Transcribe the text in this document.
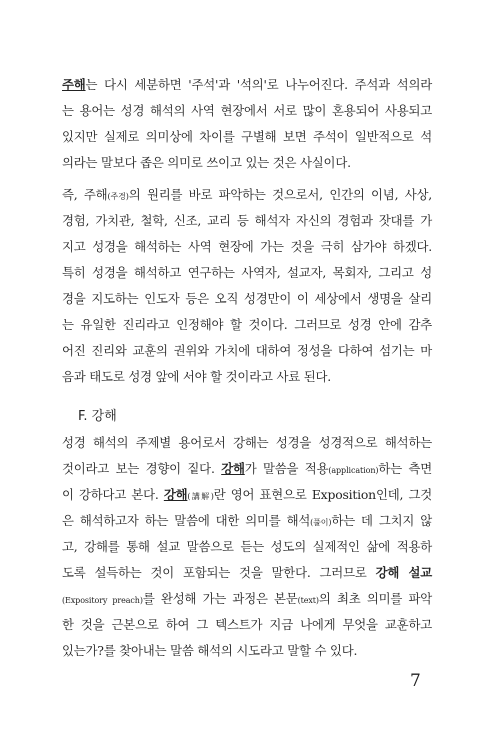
주해는 다시 세분하면 '주석'과 '석의'로 나누어진다. 주석과 석의라
는 용어는 성경 해석의 사역 현장에서 서로 많이 혼용되어 사용되고
있지만 실제로 의미상에 차이를 구별해 보면 주석이 일반적으로 석
의라는 말보다 좁은 의미로 쓰이고 있는 것은 사실이다.
즉, 주해(주경)의 원리를 바로 파악하는 것으로서, 인간의 이념, 사상,
경험, 가치관, 철학, 신조, 교리 등 해석자 자신의 경험과 잣대를 가
지고 성경을 해석하는 사역 현장에 가는 것을 극히 삼가야 하겠다.
특히 성경을 해석하고 연구하는 사역자, 설교자, 목회자, 그리고 성
경을 지도하는 인도자 등은 오직 성경만이 이 세상에서 생명을 살리
는 유일한 진리라고 인정해야 할 것이다. 그러므로 성경 안에 감추
어진 진리와 교훈의 권위와 가치에 대하여 정성을 다하여 섬기는 마
음과 태도로 성경 앞에 서야 할 것이라고 사료 된다.
F. 강해
성경 해석의 주제별 용어로서 강해는 성경을 성경적으로 해석하는
것이라고 보는 경향이 짙다. 강해가 말씀을 적용(application)하는 측면
이 강하다고 본다. 강해(講解)란 영어 표현으로 Exposition인데, 그것
은 해석하고자 하는 말씀에 대한 의미를 해석(풀이)하는 데 그치지 않
고, 강해를 통해 설교 말씀으로 듣는 성도의 실제적인 삶에 적용하
도록 설득하는 것이 포함되는 것을 말한다. 그러므로 강해 설교
(Expository preach)를 완성해 가는 과정은 본문(text)의 최초 의미를 파악
한 것을 근본으로 하여 그 텍스트가 지금 나에게 무엇을 교훈하고
있는가?를 찾아내는 말씀 해석의 시도라고 말할 수 있다.
7
